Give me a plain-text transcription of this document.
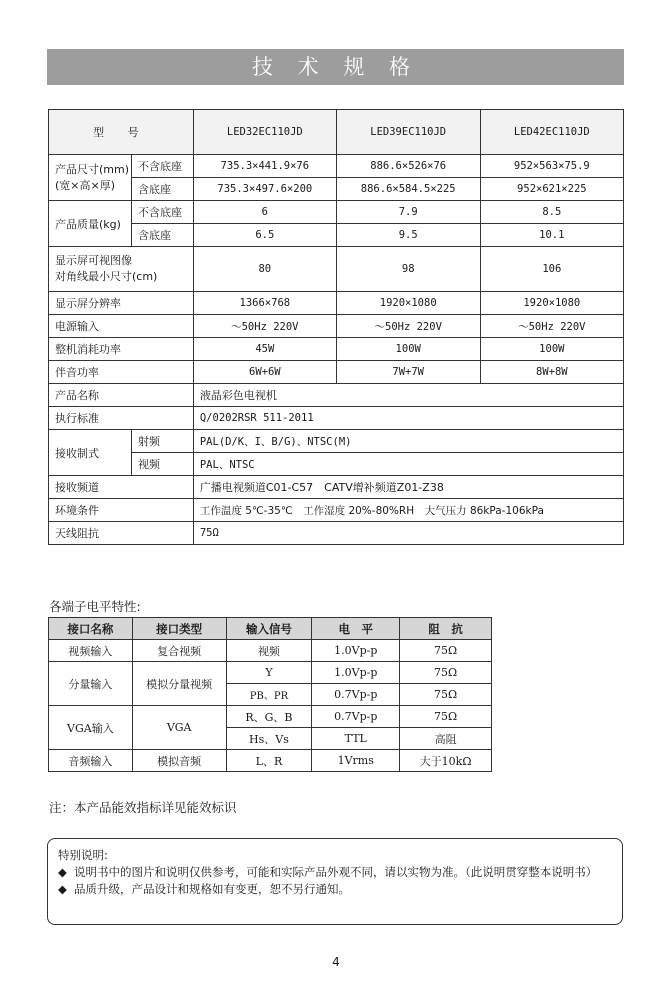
技 术 规 格
型 号		LED32EC110JD	LED39EC110JD	LED42EC110JD

产品尺寸(mm)
(宽×高×厚)	不含底座	735.3×441.9×76	886.6×526×76	952×563×75.9
	含底座	735.3×497.6×200	886.6×584.5×225	952×621×225
产品质量(kg)	不含底座	6	7.9	8.5
	含底座	6.5	9.5	10.1

显示屏可视图像
对角线最小尺寸(cm)		80	98	106
显示屏分辨率		1366×768	1920×1080	1920×1080
电源输入		～50Hz 220V	～50Hz 220V	～50Hz 220V
整机消耗功率		45W	100W	100W
伴音功率		6W+6W	7W+7W	8W+8W
产品名称		液晶彩色电视机		
执行标准		Q/0202RSR 511-2011		
接收制式	射频	PAL(D/K、I、B/G)、NTSC(M)		
	视频	PAL、NTSC		
接收频道		广播电视频道C01-C57　CATV增补频道Z01-Z38		
环境条件		工作温度 5℃-35℃　工作湿度 20%-80%RH　大气压力 86kPa-106kPa		
天线阻抗		75Ω		
各端子电平特性:
接口名称	接口类型	输入信号	电　平	阻　抗
视频输入	复合视频	视频	1.0Vp-p	75Ω
分量输入	模拟分量视频	Y	1.0Vp-p	75Ω
		PB、PR	0.7Vp-p	75Ω
VGA输入	VGA	R、G、B	0.7Vp-p	75Ω
		Hs、Vs	TTL	高阻
音频输入	模拟音频	L、R	1Vrms	大于10kΩ
注：本产品能效指标详见能效标识
特别说明:
◆ 说明书中的图片和说明仅供参考，可能和实际产品外观不同，请以实物为准。（此说明贯穿整本说明书）
◆ 品质升级，产品设计和规格如有变更，恕不另行通知。
4
